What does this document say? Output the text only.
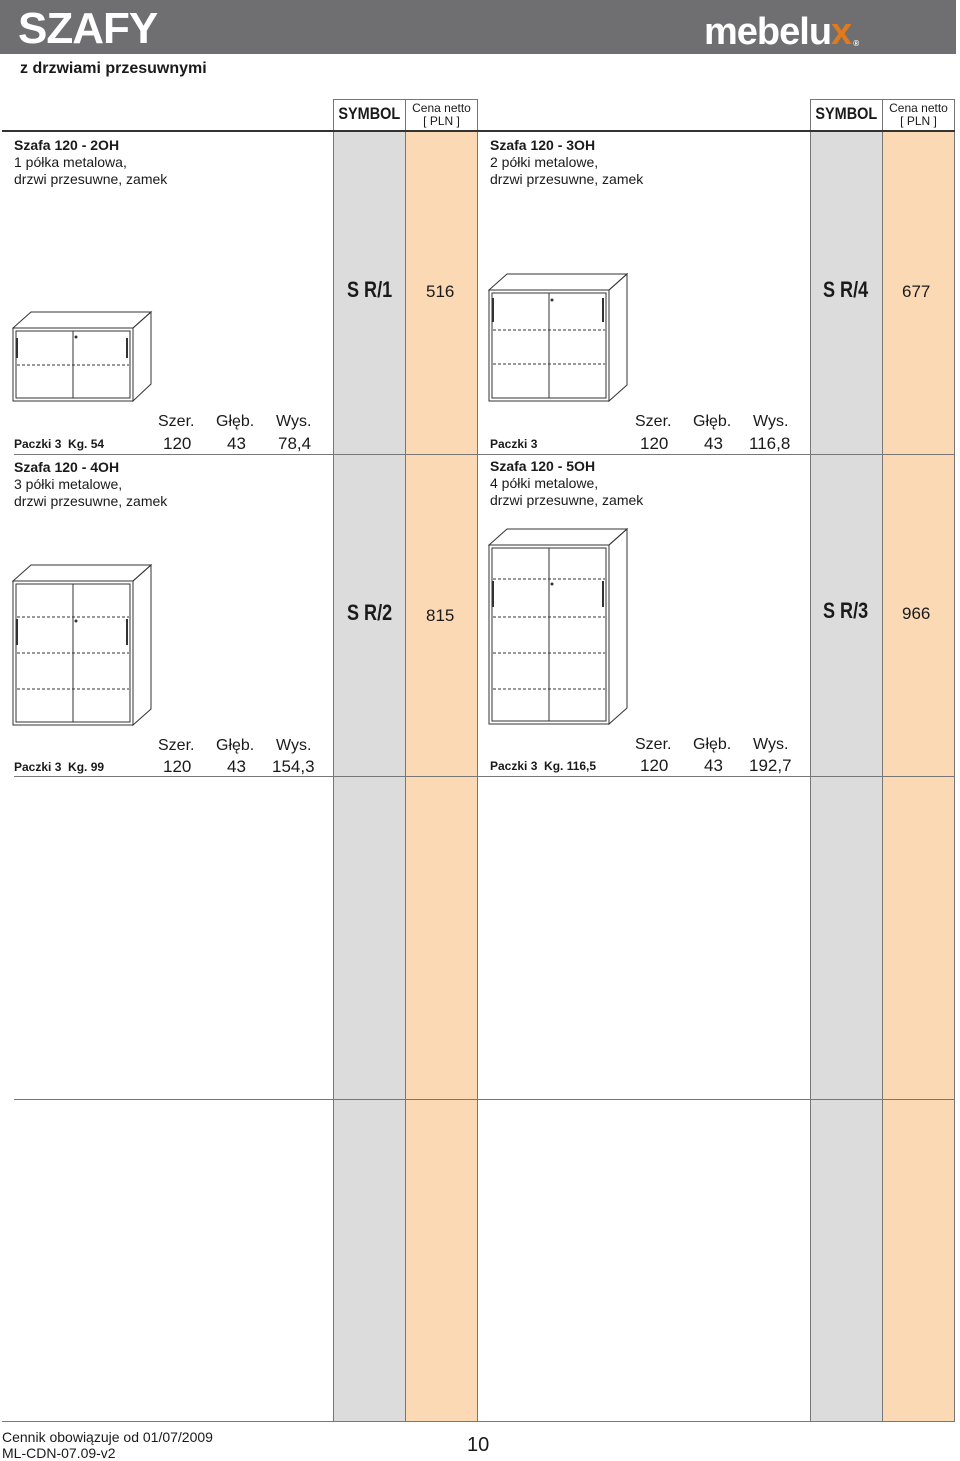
SZAFY	mebelux ®
z drzwiami przesuwnymi
SYMBOL Cena netto
[ PLN ]	SYMBOL Cena netto
[ PLN ]
Szafa 120 - 2OH
1 półka metalowa,
drzwi przesuwne, zamek
S R/1 516
Szer. Głęb. Wys.
Paczki 3  Kg. 54	120 43 78,4
Szafa 120 - 3OH
2 półki metalowe,
drzwi przesuwne, zamek
S R/4 677
Szer. Głęb. Wys.
Paczki 3	120 43 116,8
Szafa 120 - 4OH
3 półki metalowe,
drzwi przesuwne, zamek
S R/2 815
Szer. Głęb. Wys.
Paczki 3  Kg. 99	120 43 154,3
Szafa 120 - 5OH
4 półki metalowe,
drzwi przesuwne, zamek
S R/3 966
Szer. Głęb. Wys.
Paczki 3  Kg. 116,5	120 43 192,7
Cennik obowiązuje od 01/07/2009
ML-CDN-07.09-v2	10
